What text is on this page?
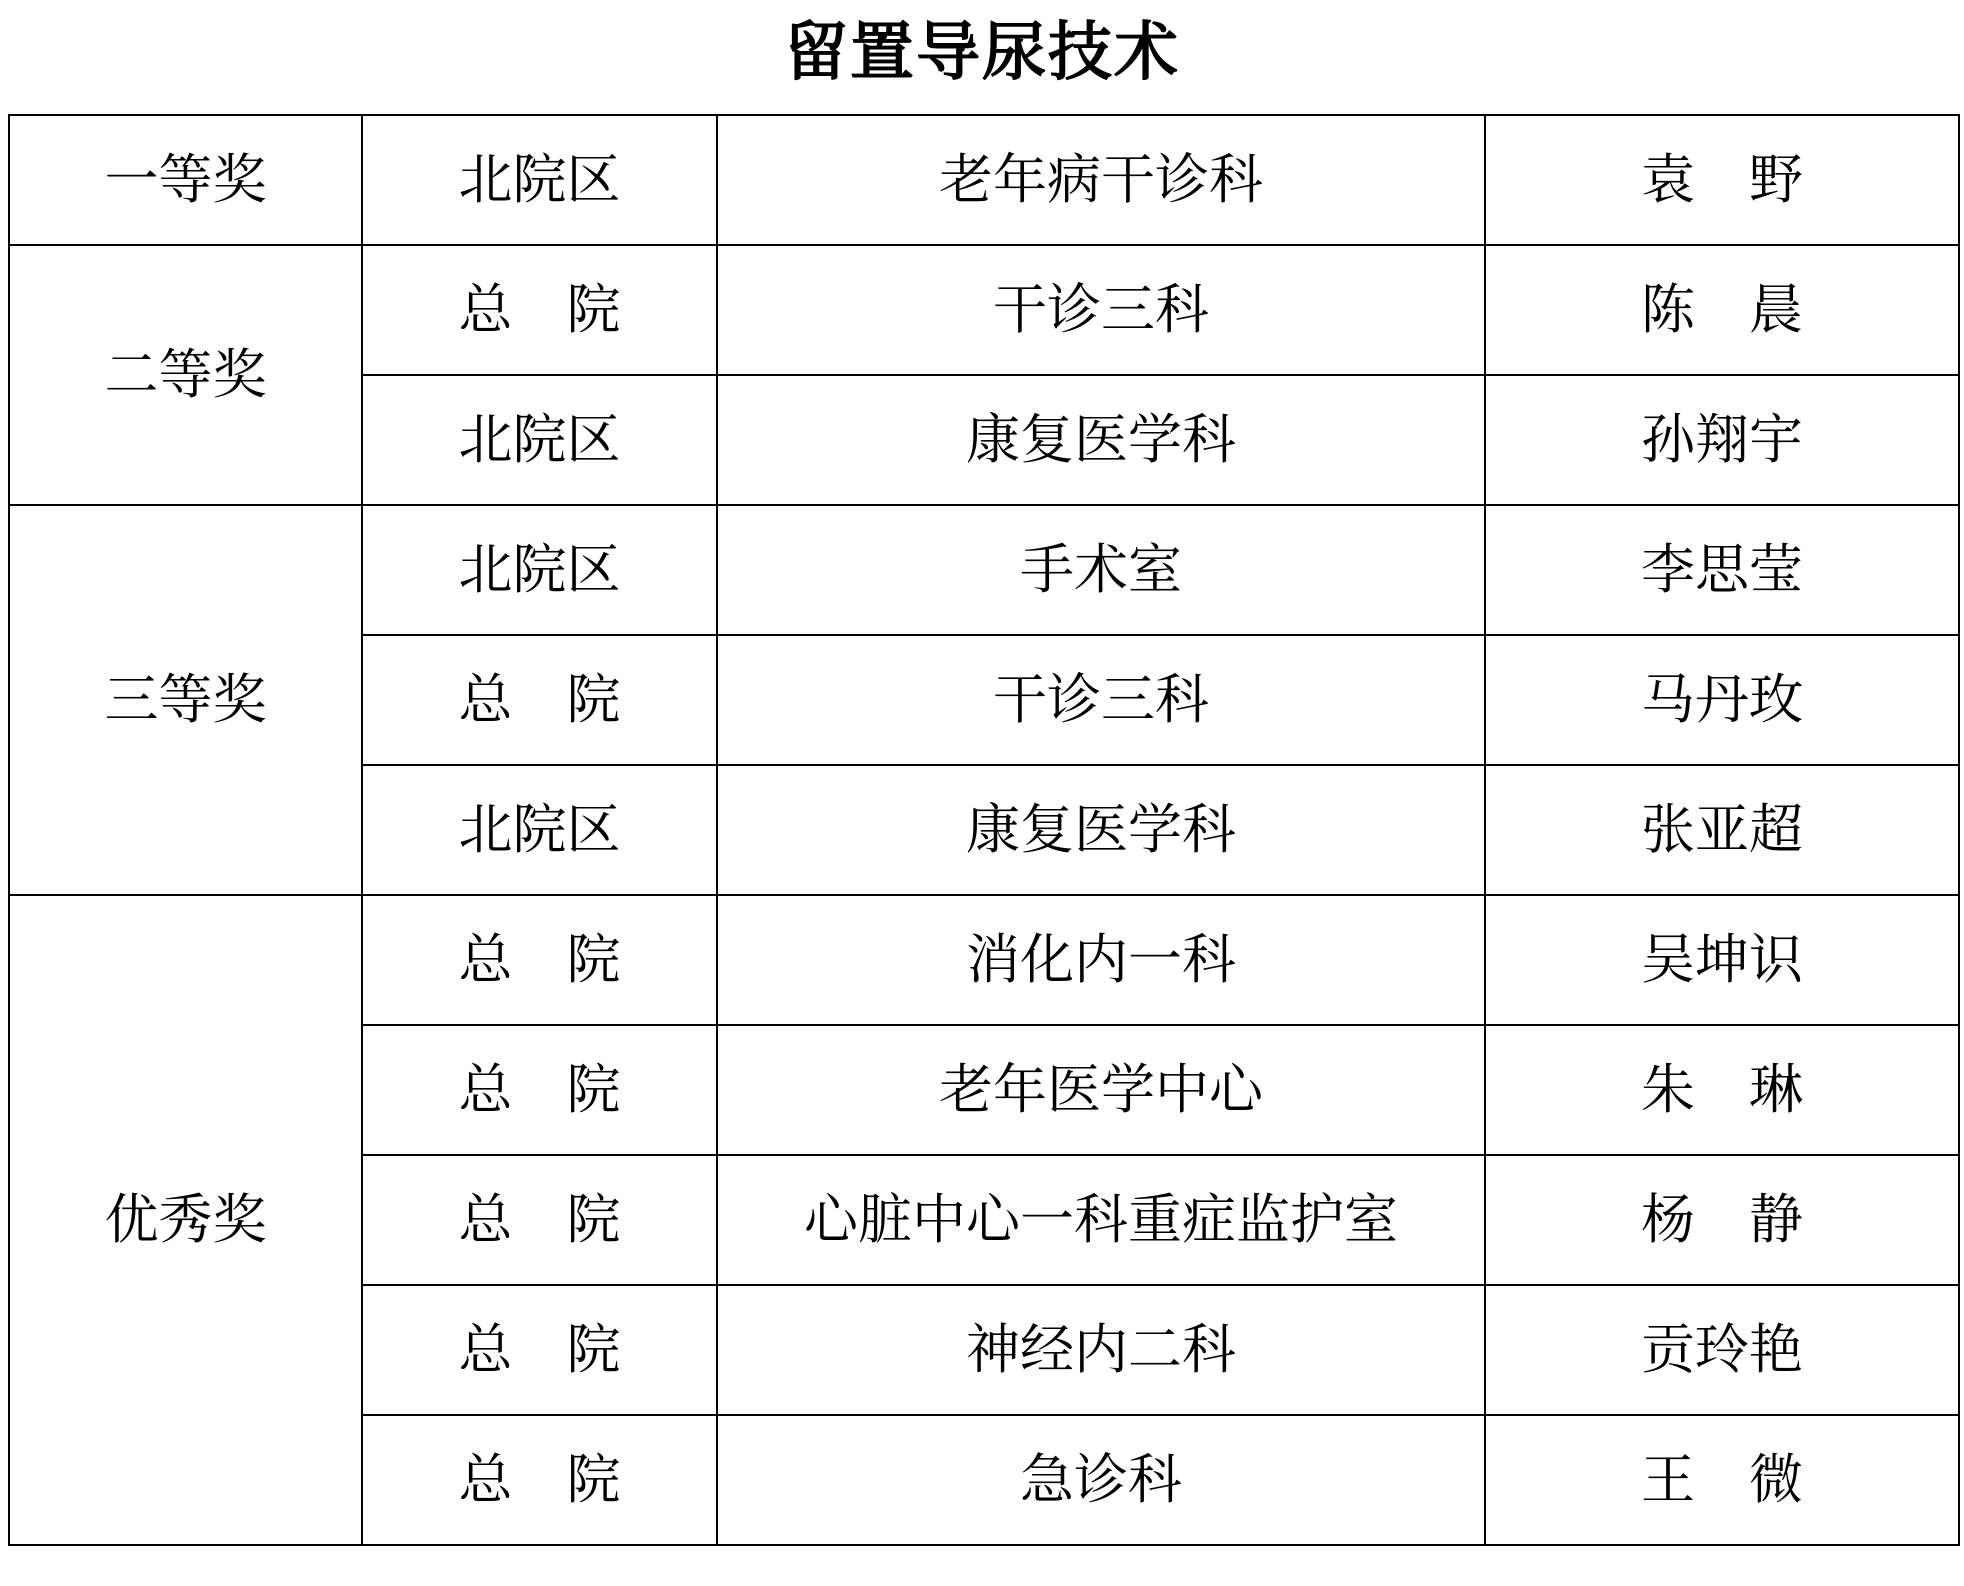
留置导尿技术
一等奖	北院区	老年病干诊科	袁　野
二等奖	总　院	干诊三科	陈　晨
	北院区	康复医学科	孙翔宇
三等奖	北院区	手术室	李思莹
	总　院	干诊三科	马丹玫
	北院区	康复医学科	张亚超
优秀奖	总　院	消化内一科	吴坤识
	总　院	老年医学中心	朱　琳
	总　院	心脏中心一科重症监护室	杨　静
	总　院	神经内二科	贡玲艳
	总　院	急诊科	王　微
